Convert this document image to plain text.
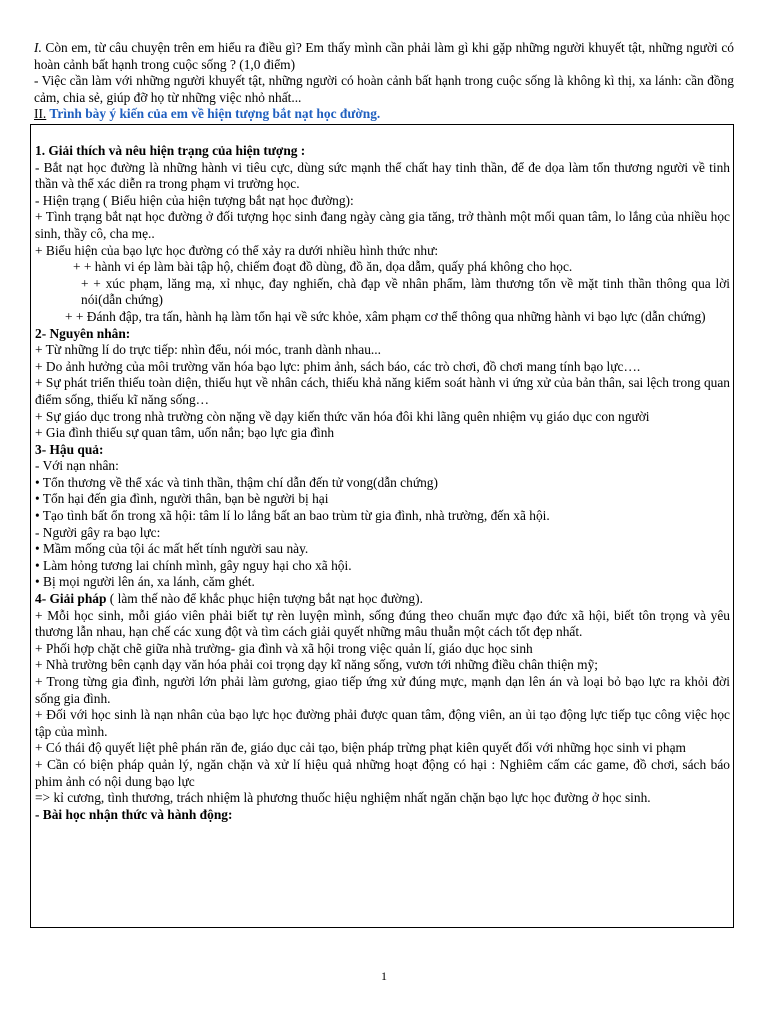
I. Còn em, từ câu chuyện trên em hiểu ra điều gì? Em thấy mình cần phải làm gì khi gặp những người khuyết tật, những người có hoàn cảnh bất hạnh trong cuộc sống ? (1,0 điểm)

- Việc cần làm với những người khuyết tật, những người có hoàn cảnh bất hạnh trong cuộc sống là không kì thị, xa lánh: cần đồng cảm, chia sẻ, giúp đỡ họ từ những việc nhỏ nhất...

II. Trình bày ý kiến của em về hiện tượng bắt nạt học đường.

1. Giải thích và nêu hiện trạng của hiện tượng :

- Bắt nạt học đường là những hành vi tiêu cực, dùng sức mạnh thể chất hay tinh thần, để đe dọa làm tổn thương người về tinh thần và thể xác diễn ra trong phạm vi trường học.

- Hiện trạng ( Biểu hiện của hiện tượng bắt nạt học đường):

+ Tình trạng bắt nạt học đường ở đối tượng học sinh đang ngày càng gia tăng, trở thành một mối quan tâm, lo lắng của nhiều học sinh, thầy cô, cha mẹ..

+ Biểu hiện của bạo lực học đường có thể xảy ra dưới nhiều hình thức như:

+ + hành vi ép làm bài tập hộ, chiếm đoạt đồ dùng, đồ ăn, dọa dẫm, quấy phá không cho học.

+ + xúc phạm, lăng mạ, xỉ nhục, đay nghiến, chà đạp về nhân phẩm, làm thương tổn về mặt tinh thần thông qua lời nói(dẫn chứng)

+ + Đánh đập, tra tấn, hành hạ làm tổn hại về sức khỏe, xâm phạm cơ thể thông qua những hành vi bạo lực (dẫn chứng)

2- Nguyên nhân:

+ Từ những lí do trực tiếp: nhìn đểu, nói móc, tranh dành nhau...

+ Do ảnh hưởng của môi trường văn hóa bạo lực: phim ảnh, sách báo, các trò chơi, đồ chơi mang tính bạo lực….

+ Sự phát triển thiếu toàn diện, thiếu hụt về nhân cách, thiếu khả năng kiểm soát hành vi ứng xử của bản thân, sai lệch trong quan điểm sống, thiếu kĩ năng sống…

+ Sự giáo dục trong nhà trường còn nặng về dạy kiến thức văn hóa đôi khi lãng quên nhiệm vụ giáo dục con người

+ Gia đình thiếu sự quan tâm, uốn nắn; bạo lực gia đình

3- Hậu quả:

- Với nạn nhân:

• Tổn thương về thể xác và tinh thần, thậm chí dẫn đến tử vong(dẫn chứng)

• Tổn hại đến gia đình, người thân, bạn bè người bị hại

• Tạo tình bất ổn trong xã hội: tâm lí lo lắng bất an bao trùm từ gia đình, nhà trường, đến xã hội.

- Người gây ra bạo lực:

• Mầm mống của tội ác mất hết tính người sau này.

• Làm hỏng tương lai chính mình, gây nguy hại cho xã hội.

• Bị mọi người lên án, xa lánh, căm ghét.

4- Giải pháp ( làm thế nào để khắc phục hiện tượng bắt nạt học đường).

+ Mỗi học sinh, mỗi giáo viên phải biết tự rèn luyện mình, sống đúng theo chuẩn mực đạo đức xã hội, biết tôn trọng và yêu thương lẫn nhau, hạn chế các xung đột và tìm cách giải quyết những mâu thuẫn một cách tốt đẹp nhất.

+ Phối hợp chặt chẽ giữa nhà trường- gia đình và xã hội trong việc quản lí, giáo dục học sinh

+ Nhà trường bên cạnh dạy văn hóa phải coi trọng dạy kĩ năng sống, vươn tới những điều chân thiện mỹ;

+ Trong từng gia đình, người lớn phải làm gương, giao tiếp ứng xử đúng mực, mạnh dạn lên án và loại bỏ bạo lực ra khỏi đời sống gia đình.

+ Đối với học sinh là nạn nhân của bạo lực học đường phải được quan tâm, động viên, an ủi tạo động lực tiếp tục công việc học tập của mình.

+ Có thái độ quyết liệt phê phán răn đe, giáo dục cải tạo, biện pháp trừng phạt kiên quyết đối với những học sinh vi phạm

+ Cần có biện pháp quản lý, ngăn chặn và xử lí hiệu quả những hoạt động có hại : Nghiêm cấm các game, đồ chơi, sách báo phim ảnh có nội dung bạo lực

=> kỉ cương, tình thương, trách nhiệm là phương thuốc hiệu nghiệm nhất ngăn chặn bạo lực học đường ở học sinh.

- Bài học nhận thức và hành động:

1
